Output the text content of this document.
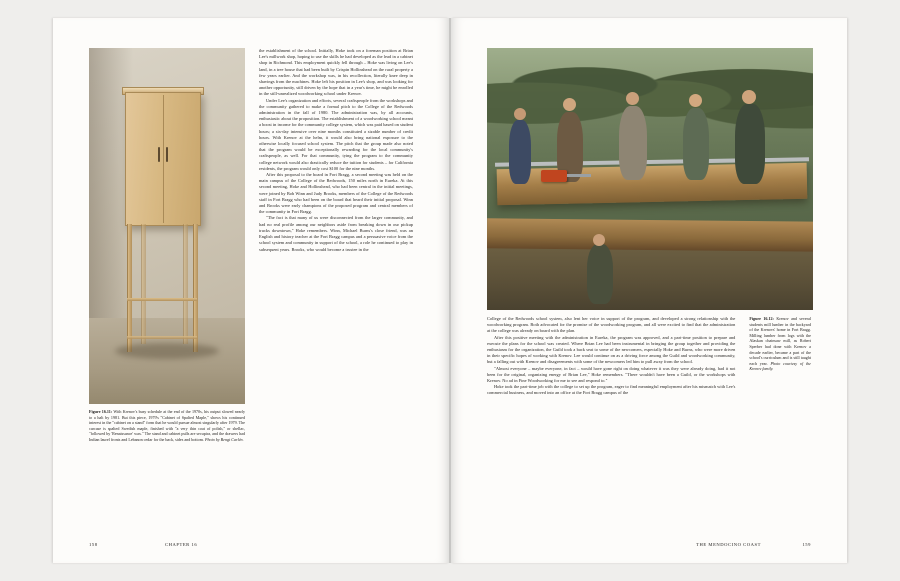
Figure 16.11: With Krenov's busy schedule at the end of the 1970s, his output slowed nearly to a halt by 1981. But this piece, 1979's "Cabinet of Spalted Maple," shows his continued interest in the "cabinet on a stand" form that he would pursue almost singularly after 1979. The carcase is spalted Swedish maple, finished with "a very thin coat of polish," or shellac, "followed by 'Renaissance' wax." The stand and cabinet pulls are secupira, and the drawers had Indian laurel fronts and Lebanon cedar for the back, sides and bottom. Photo by Bengt Carlén.

the establishment of the school. Initially, Hoke took on a foreman position at Brian Lee's millwork shop, hoping to use the skills he had developed as the lead in a cabinet shop in Richmond. This employment quickly fell through – Hoke was living on Lee's land, in a tree house that had been built by Crispin Hollinshead on the rural property a few years earlier. And the workshop was, in his recollection, literally knee deep in shavings from the machines. Hoke left his position in Lee's shop, and was looking for another opportunity, still driven by the hope that in a year's time, he might be enrolled in the still-unrealized woodworking school under Krenov.

Under Lee's organization and efforts, several craftspeople from the workshops and the community gathered to make a formal pitch to the College of the Redwoods administration in the fall of 1980. The administration was, by all accounts, enthusiastic about the proposition. The establishment of a woodworking school meant a boost in income for the community college system, which was paid based on student hours; a six-day intensive over nine months constituted a sizable number of credit hours. With Krenov at the helm, it would also bring national exposure to the otherwise locally focused school system. The pitch that the group made also noted that the program would be exceptionally rewarding for the local community's craftspeople, as well. For that community, tying the program to the community college network would also drastically reduce the tuition for students – for California residents, the program would only cost $100 for the nine months.

After this proposal to the board in Fort Bragg, a second meeting was held on the main campus of the College of the Redwoods, 150 miles north in Eureka. At this second meeting, Hoke and Hollinshead, who had been central in the initial meetings, were joined by Bob Winn and Judy Brooks, members of the College of the Redwoods staff in Fort Bragg who had been on the board that heard their initial proposal. Winn and Brooks were early champions of the proposed program and central members of the community in Fort Bragg.

"The fact is that many of us were disconnected from the larger community, and had no real profile among our neighbors aside from breaking down in our pickup trucks downtown," Hoke remembers. Winn, Michael Burns's close friend, was an English and history teacher at the Fort Bragg campus and a persuasive voice from the school system and community in support of the school, a role he continued to play in subsequent years. Brooks, who would become a trustee in the

158	CHAPTER 16

College of the Redwoods school system, also lent her voice in support of the program, and developed a strong relationship with the woodworking program. Both advocated for the promise of the woodworking program, and all were excited to find that the administration at the college was already on board with the plan.

After this positive meeting with the administration in Eureka, the program was approved, and a part-time position to prepare and execute the plans for the school was created. Where Brian Lee had been instrumental in bringing the group together and providing the enthusiasm for the organization, the Guild took a back seat to some of the newcomers, especially Hoke and Burns, who were more driven in their specific hopes of working with Krenov. Lee would continue on as a driving force among the Guild and woodworking community, but a falling out with Krenov and disagreements with some of the newcomers led him to pull away from the school.

"Almost everyone – maybe everyone, in fact – would have gone right on doing whatever it was they were already doing, had it not been for the original, organizing energy of Brian Lee," Hoke remembers. "There wouldn't have been a Guild, or the workshops with Krenov. No ad in Fine Woodworking for me to see and respond to."

Hoke took the part-time job with the college to set up the program, eager to find meaningful employment after his mismatch with Lee's commercial business, and moved into an office at the Fort Bragg campus of the

Figure 16.12: Krenov and several students mill lumber in the backyard of the Krenovs' home in Fort Bragg. Milling lumber from logs with the Alaskan chainsaw mill, as Robert Sperber had done with Krenov a decade earlier, became a part of the school's curriculum and is still taught each year. Photo courtesy of the Krenov family.

THE MENDOCINO COAST	159
